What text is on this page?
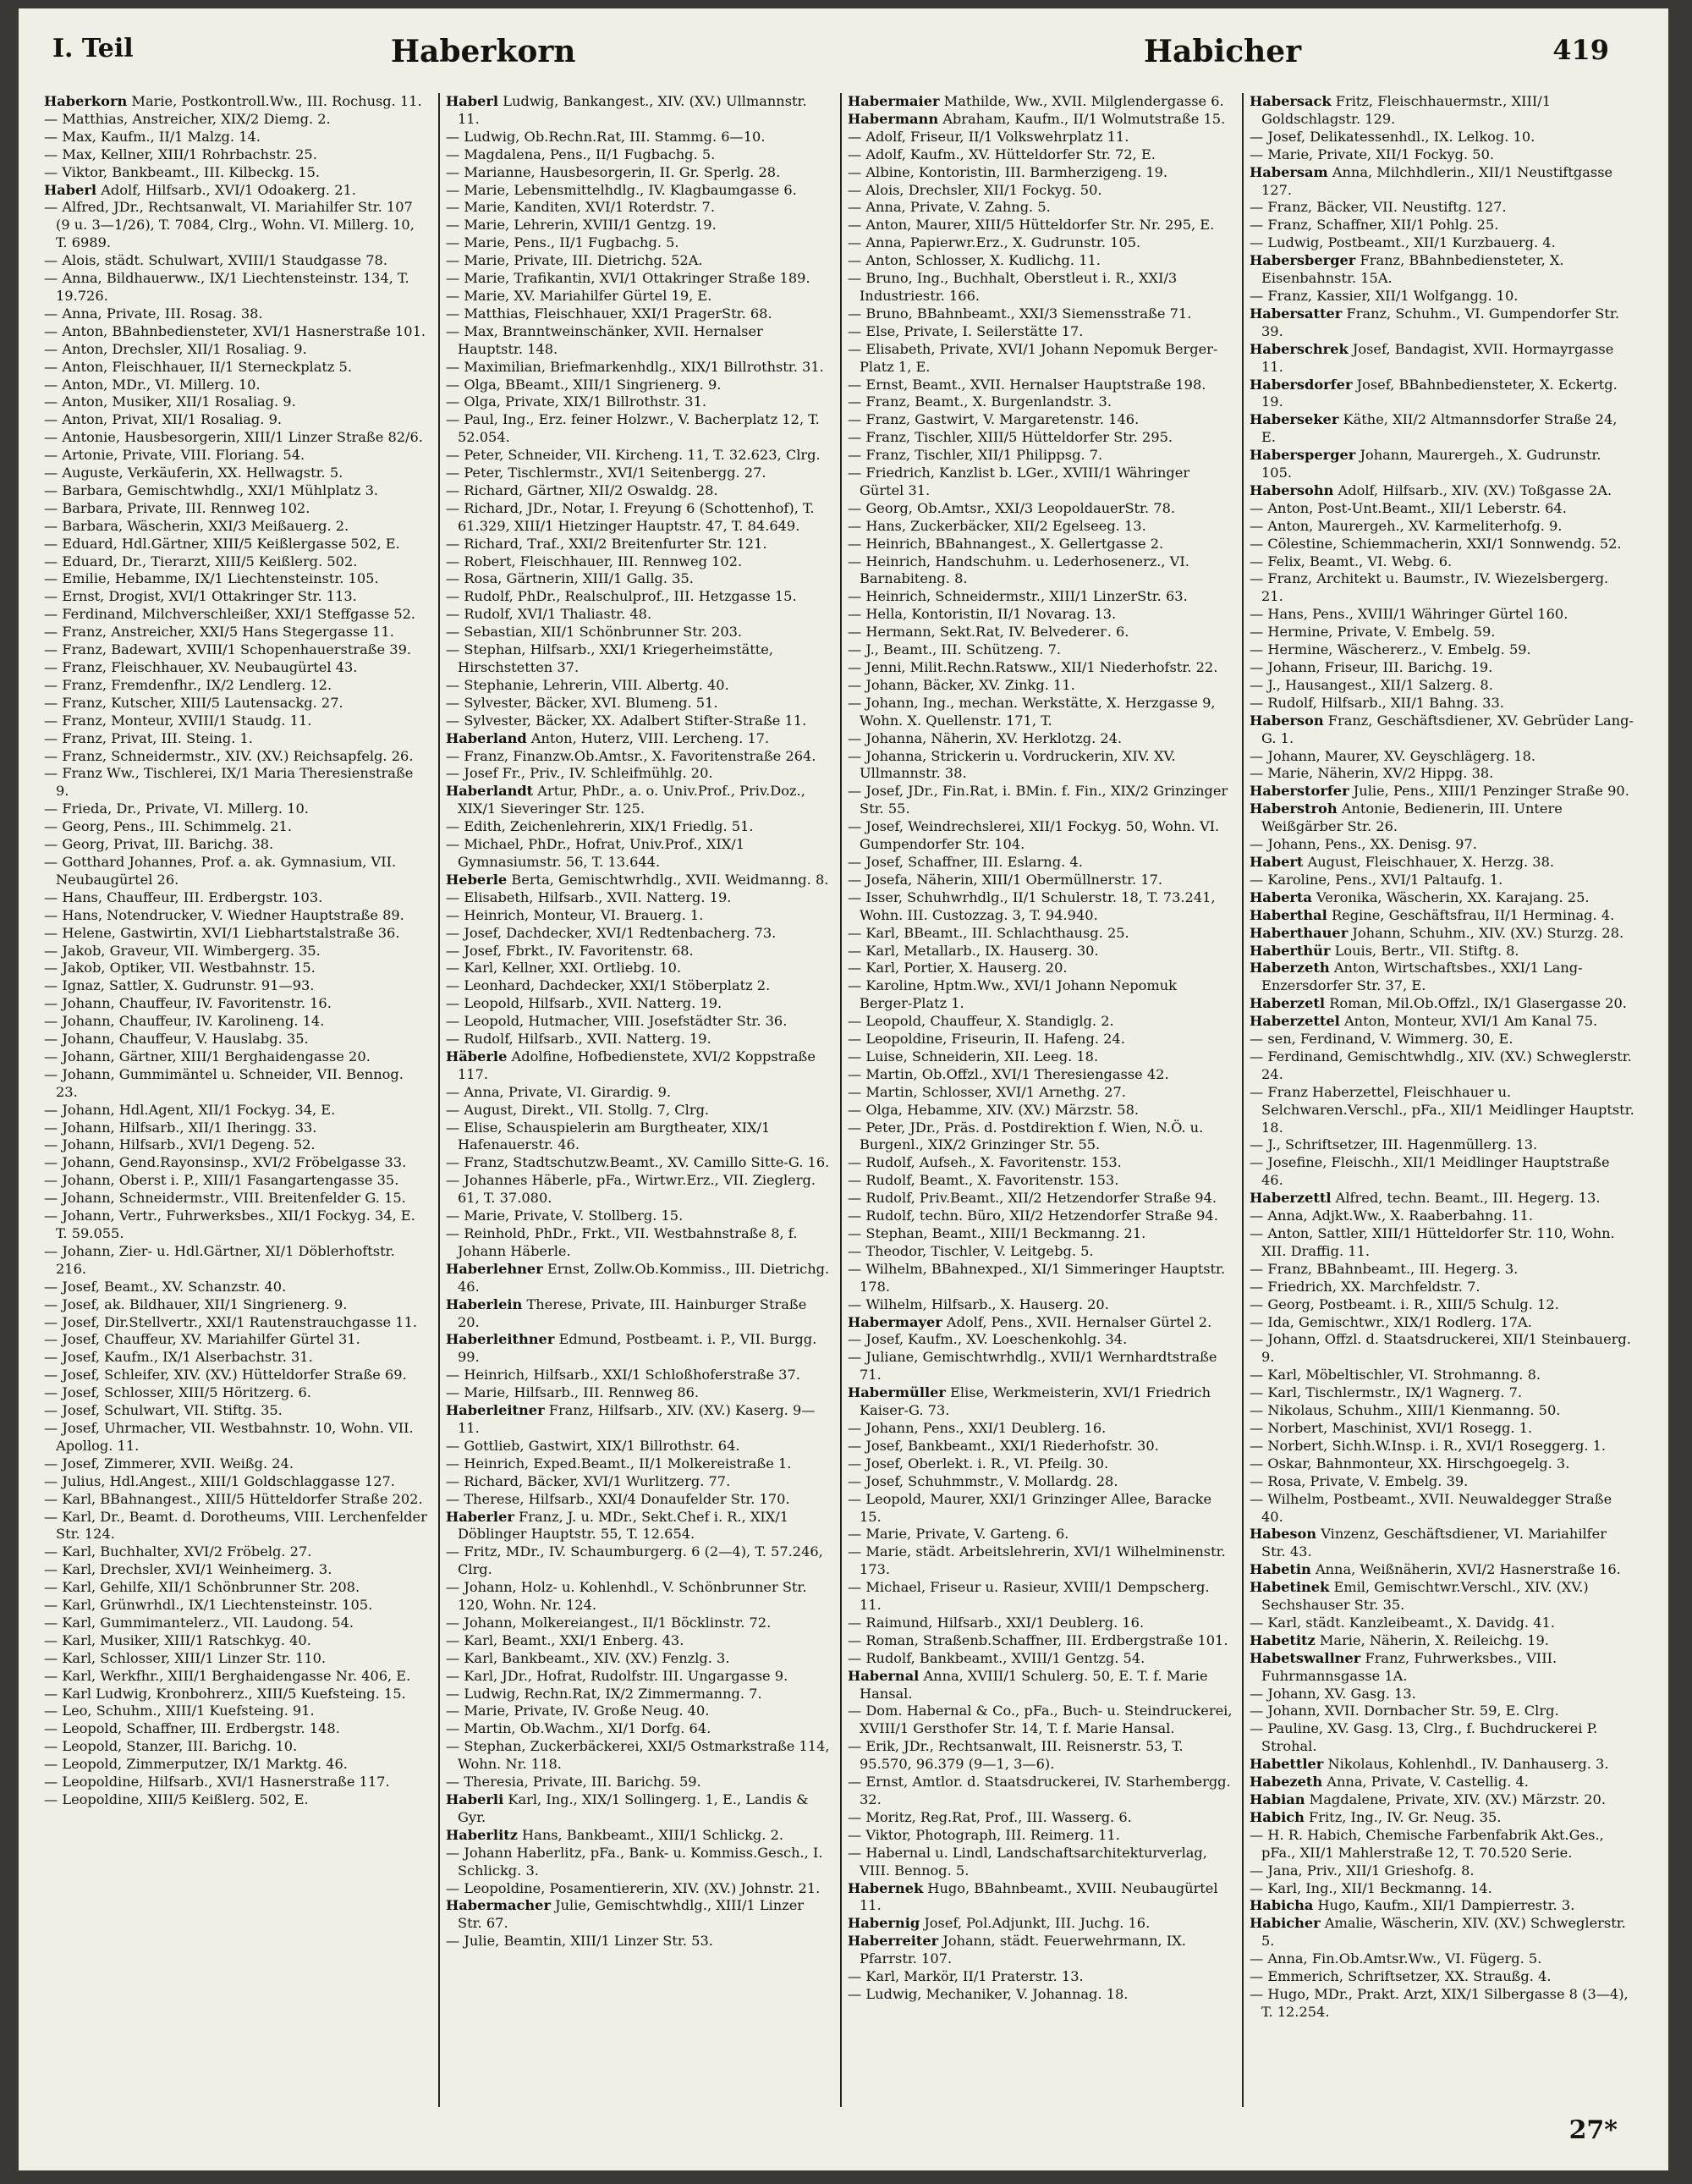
I. Teil	Haberkorn	Habicher	419

Haberkorn Marie, Postkontroll.Ww., III. Rochusg. 11.

— Matthias, Anstreicher, XIX/2 Diemg. 2.

— Max, Kaufm., II/1 Malzg. 14.

— Max, Kellner, XIII/1 Rohrbachstr. 25.

— Viktor, Bankbeamt., III. Kilbeckg. 15.

Haberl Adolf, Hilfsarb., XVI/1 Odoakerg. 21.

— Alfred, JDr., Rechtsanwalt, VI. Mariahilfer Str. 107 (9 u. 3—1/26), T. 7084, Clrg., Wohn. VI. Millerg. 10, T. 6989.

— Alois, städt. Schulwart, XVIII/1 Staudgasse 78.

— Anna, Bildhauerww., IX/1 Liechtensteinstr. 134, T. 19.726.

— Anna, Private, III. Rosag. 38.

— Anton, BBahnbediensteter, XVI/1 Hasnerstraße 101.

— Anton, Drechsler, XII/1 Rosaliag. 9.

— Anton, Fleischhauer, II/1 Sterneckplatz 5.

— Anton, MDr., VI. Millerg. 10.

— Anton, Musiker, XII/1 Rosaliag. 9.

— Anton, Privat, XII/1 Rosaliag. 9.

— Antonie, Hausbesorgerin, XIII/1 Linzer Straße 82/6.

— Artonie, Private, VIII. Floriang. 54.

— Auguste, Verkäuferin, XX. Hellwagstr. 5.

— Barbara, Gemischtwhdlg., XXI/1 Mühlplatz 3.

— Barbara, Private, III. Rennweg 102.

— Barbara, Wäscherin, XXI/3 Meißauerg. 2.

— Eduard, Hdl.Gärtner, XIII/5 Keißlergasse 502, E.

— Eduard, Dr., Tierarzt, XIII/5 Keißlerg. 502.

— Emilie, Hebamme, IX/1 Liechtensteinstr. 105.

— Ernst, Drogist, XVI/1 Ottakringer Str. 113.

— Ferdinand, Milchverschleißer, XXI/1 Steffgasse 52.

— Franz, Anstreicher, XXI/5 Hans Stegergasse 11.

— Franz, Badewart, XVIII/1 Schopenhauerstraße 39.

— Franz, Fleischhauer, XV. Neubaugürtel 43.

— Franz, Fremdenfhr., IX/2 Lendlerg. 12.

— Franz, Kutscher, XIII/5 Lautensackg. 27.

— Franz, Monteur, XVIII/1 Staudg. 11.

— Franz, Privat, III. Steing. 1.

— Franz, Schneidermstr., XIV. (XV.) Reichsapfelg. 26.

— Franz Ww., Tischlerei, IX/1 Maria Theresienstraße 9.

— Frieda, Dr., Private, VI. Millerg. 10.

— Georg, Pens., III. Schimmelg. 21.

— Georg, Privat, III. Barichg. 38.

— Gotthard Johannes, Prof. a. ak. Gymnasium, VII. Neubaugürtel 26.

— Hans, Chauffeur, III. Erdbergstr. 103.

— Hans, Notendrucker, V. Wiedner Hauptstraße 89.

— Helene, Gastwirtin, XVI/1 Liebhartstalstraße 36.

— Jakob, Graveur, VII. Wimbergerg. 35.

— Jakob, Optiker, VII. Westbahnstr. 15.

— Ignaz, Sattler, X. Gudrunstr. 91—93.

— Johann, Chauffeur, IV. Favoritenstr. 16.

— Johann, Chauffeur, IV. Karolineng. 14.

— Johann, Chauffeur, V. Hauslabg. 35.

— Johann, Gärtner, XIII/1 Berghaidengasse 20.

— Johann, Gummimäntel u. Schneider, VII. Bennog. 23.

— Johann, Hdl.Agent, XII/1 Fockyg. 34, E.

— Johann, Hilfsarb., XII/1 Iheringg. 33.

— Johann, Hilfsarb., XVI/1 Degeng. 52.

— Johann, Gend.Rayonsinsp., XVI/2 Fröbelgasse 33.

— Johann, Oberst i. P., XIII/1 Fasangartengasse 35.

— Johann, Schneidermstr., VIII. Breitenfelder G. 15.

— Johann, Vertr., Fuhrwerksbes., XII/1 Fockyg. 34, E. T. 59.055.

— Johann, Zier- u. Hdl.Gärtner, XI/1 Döblerhoftstr. 216.

— Josef, Beamt., XV. Schanzstr. 40.

— Josef, ak. Bildhauer, XII/1 Singrienerg. 9.

— Josef, Dir.Stellvertr., XXI/1 Rautenstrauchgasse 11.

— Josef, Chauffeur, XV. Mariahilfer Gürtel 31.

— Josef, Kaufm., IX/1 Alserbachstr. 31.

— Josef, Schleifer, XIV. (XV.) Hütteldorfer Straße 69.

— Josef, Schlosser, XIII/5 Höritzerg. 6.

— Josef, Schulwart, VII. Stiftg. 35.

— Josef, Uhrmacher, VII. Westbahnstr. 10, Wohn. VII. Apollog. 11.

— Josef, Zimmerer, XVII. Weißg. 24.

— Julius, Hdl.Angest., XIII/1 Goldschlaggasse 127.

— Karl, BBahnangest., XIII/5 Hütteldorfer Straße 202.

— Karl, Dr., Beamt. d. Dorotheums, VIII. Lerchenfelder Str. 124.

— Karl, Buchhalter, XVI/2 Fröbelg. 27.

— Karl, Drechsler, XVI/1 Weinheimerg. 3.

— Karl, Gehilfe, XII/1 Schönbrunner Str. 208.

— Karl, Grünwrhdl., IX/1 Liechtensteinstr. 105.

— Karl, Gummimantelerz., VII. Laudong. 54.

— Karl, Musiker, XIII/1 Ratschkyg. 40.

— Karl, Schlosser, XIII/1 Linzer Str. 110.

— Karl, Werkfhr., XIII/1 Berghaidengasse Nr. 406, E.

— Karl Ludwig, Kronbohrerz., XIII/5 Kuefsteing. 15.

— Leo, Schuhm., XIII/1 Kuefsteing. 91.

— Leopold, Schaffner, III. Erdbergstr. 148.

— Leopold, Stanzer, III. Barichg. 10.

— Leopold, Zimmerputzer, IX/1 Marktg. 46.

— Leopoldine, Hilfsarb., XVI/1 Hasnerstraße 117.

— Leopoldine, XIII/5 Keißlerg. 502, E.

Haberl Ludwig, Bankangest., XIV. (XV.) Ullmannstr. 11.

— Ludwig, Ob.Rechn.Rat, III. Stammg. 6—10.

— Magdalena, Pens., II/1 Fugbachg. 5.

— Marianne, Hausbesorgerin, II. Gr. Sperlg. 28.

— Marie, Lebensmittelhdlg., IV. Klagbaumgasse 6.

— Marie, Kanditen, XVI/1 Roterdstr. 7.

— Marie, Lehrerin, XVIII/1 Gentzg. 19.

— Marie, Pens., II/1 Fugbachg. 5.

— Marie, Private, III. Dietrichg. 52A.

— Marie, Trafikantin, XVI/1 Ottakringer Straße 189.

— Marie, XV. Mariahilfer Gürtel 19, E.

— Matthias, Fleischhauer, XXI/1 PragerStr. 68.

— Max, Branntweinschänker, XVII. Hernalser Hauptstr. 148.

— Maximilian, Briefmarkenhdlg., XIX/1 Billrothstr. 31.

— Olga, BBeamt., XIII/1 Singrienerg. 9.

— Olga, Private, XIX/1 Billrothstr. 31.

— Paul, Ing., Erz. feiner Holzwr., V. Bacherplatz 12, T. 52.054.

— Peter, Schneider, VII. Kircheng. 11, T. 32.623, Clrg.

— Peter, Tischlermstr., XVI/1 Seitenbergg. 27.

— Richard, Gärtner, XII/2 Oswaldg. 28.

— Richard, JDr., Notar, I. Freyung 6 (Schottenhof), T. 61.329, XIII/1 Hietzinger Hauptstr. 47, T. 84.649.

— Richard, Traf., XXI/2 Breitenfurter Str. 121.

— Robert, Fleischhauer, III. Rennweg 102.

— Rosa, Gärtnerin, XIII/1 Gallg. 35.

— Rudolf, PhDr., Realschulprof., III. Hetzgasse 15.

— Rudolf, XVI/1 Thaliastr. 48.

— Sebastian, XII/1 Schönbrunner Str. 203.

— Stephan, Hilfsarb., XXI/1 Kriegerheimstätte, Hirschstetten 37.

— Stephanie, Lehrerin, VIII. Albertg. 40.

— Sylvester, Bäcker, XVI. Blumeng. 51.

— Sylvester, Bäcker, XX. Adalbert Stifter-Straße 11.

Haberland Anton, Huterz, VIII. Lercheng. 17.

— Franz, Finanzw.Ob.Amtsr., X. Favoritenstraße 264.

— Josef Fr., Priv., IV. Schleifmühlg. 20.

Haberlandt Artur, PhDr., a. o. Univ.Prof., Priv.Doz., XIX/1 Sieveringer Str. 125.

— Edith, Zeichenlehrerin, XIX/1 Friedlg. 51.

— Michael, PhDr., Hofrat, Univ.Prof., XIX/1 Gymnasiumstr. 56, T. 13.644.

Heberle Berta, Gemischtwrhdlg., XVII. Weidmanng. 8.

— Elisabeth, Hilfsarb., XVII. Natterg. 19.

— Heinrich, Monteur, VI. Brauerg. 1.

— Josef, Dachdecker, XVI/1 Redtenbacherg. 73.

— Josef, Fbrkt., IV. Favoritenstr. 68.

— Karl, Kellner, XXI. Ortliebg. 10.

— Leonhard, Dachdecker, XXI/1 Stöberplatz 2.

— Leopold, Hilfsarb., XVII. Natterg. 19.

— Leopold, Hutmacher, VIII. Josefstädter Str. 36.

— Rudolf, Hilfsarb., XVII. Natterg. 19.

Häberle Adolfine, Hofbedienstete, XVI/2 Koppstraße 117.

— Anna, Private, VI. Girardig. 9.

— August, Direkt., VII. Stollg. 7, Clrg.

— Elise, Schauspielerin am Burgtheater, XIX/1 Hafenauerstr. 46.

— Franz, Stadtschutzw.Beamt., XV. Camillo Sitte-G. 16.

— Johannes Häberle, pFa., Wirtwr.Erz., VII. Zieglerg. 61, T. 37.080.

— Marie, Private, V. Stollberg. 15.

— Reinhold, PhDr., Frkt., VII. Westbahnstraße 8, f. Johann Häberle.

Haberlehner Ernst, Zollw.Ob.Kommiss., III. Dietrichg. 46.

Haberlein Therese, Private, III. Hainburger Straße 20.

Haberleithner Edmund, Postbeamt. i. P., VII. Burgg. 99.

— Heinrich, Hilfsarb., XXI/1 Schloßhoferstraße 37.

— Marie, Hilfsarb., III. Rennweg 86.

Haberleitner Franz, Hilfsarb., XIV. (XV.) Kaserg. 9—11.

— Gottlieb, Gastwirt, XIX/1 Billrothstr. 64.

— Heinrich, Exped.Beamt., II/1 Molkereistraße 1.

— Richard, Bäcker, XVI/1 Wurlitzerg. 77.

— Therese, Hilfsarb., XXI/4 Donaufelder Str. 170.

Haberler Franz, J. u. MDr., Sekt.Chef i. R., XIX/1 Döblinger Hauptstr. 55, T. 12.654.

— Fritz, MDr., IV. Schaumburgerg. 6 (2—4), T. 57.246, Clrg.

— Johann, Holz- u. Kohlenhdl., V. Schönbrunner Str. 120, Wohn. Nr. 124.

— Johann, Molkereiangest., II/1 Böcklinstr. 72.

— Karl, Beamt., XXI/1 Enberg. 43.

— Karl, Bankbeamt., XIV. (XV.) Fenzlg. 3.

— Karl, JDr., Hofrat, Rudolfstr. III. Ungargasse 9.

— Ludwig, Rechn.Rat, IX/2 Zimmermanng. 7.

— Marie, Private, IV. Große Neug. 40.

— Martin, Ob.Wachm., XI/1 Dorfg. 64.

— Stephan, Zuckerbäckerei, XXI/5 Ostmarkstraße 114, Wohn. Nr. 118.

— Theresia, Private, III. Barichg. 59.

Haberli Karl, Ing., XIX/1 Sollingerg. 1, E., Landis & Gyr.

Haberlitz Hans, Bankbeamt., XIII/1 Schlickg. 2.

— Johann Haberlitz, pFa., Bank- u. Kommiss.Gesch., I. Schlickg. 3.

— Leopoldine, Posamentiererin, XIV. (XV.) Johnstr. 21.

Habermacher Julie, Gemischtwhdlg., XIII/1 Linzer Str. 67.

— Julie, Beamtin, XIII/1 Linzer Str. 53.

Habermaier Mathilde, Ww., XVII. Milglendergasse 6.

Habermann Abraham, Kaufm., II/1 Wolmutstraße 15.

— Adolf, Friseur, II/1 Volkswehrplatz 11.

— Adolf, Kaufm., XV. Hütteldorfer Str. 72, E.

— Albine, Kontoristin, III. Barmherzigeng. 19.

— Alois, Drechsler, XII/1 Fockyg. 50.

— Anna, Private, V. Zahng. 5.

— Anton, Maurer, XIII/5 Hütteldorfer Str. Nr. 295, E.

— Anna, Papierwr.Erz., X. Gudrunstr. 105.

— Anton, Schlosser, X. Kudlichg. 11.

— Bruno, Ing., Buchhalt, Oberstleut i. R., XXI/3 Industriestr. 166.

— Bruno, BBahnbeamt., XXI/3 Siemensstraße 71.

— Else, Private, I. Seilerstätte 17.

— Elisabeth, Private, XVI/1 Johann Nepomuk Berger-Platz 1, E.

— Ernst, Beamt., XVII. Hernalser Hauptstraße 198.

— Franz, Beamt., X. Burgenlandstr. 3.

— Franz, Gastwirt, V. Margaretenstr. 146.

— Franz, Tischler, XIII/5 Hütteldorfer Str. 295.

— Franz, Tischler, XII/1 Philippsg. 7.

— Friedrich, Kanzlist b. LGer., XVIII/1 Währinger Gürtel 31.

— Georg, Ob.Amtsr., XXI/3 LeopoldauerStr. 78.

— Hans, Zuckerbäcker, XII/2 Egelseeg. 13.

— Heinrich, BBahnangest., X. Gellertgasse 2.

— Heinrich, Handschuhm. u. Lederhosenerz., VI. Barnabiteng. 8.

— Heinrich, Schneidermstr., XIII/1 LinzerStr. 63.

— Hella, Kontoristin, II/1 Novarag. 13.

— Hermann, Sekt.Rat, IV. Belvederег. 6.

— J., Beamt., III. Schützeng. 7.

— Jenni, Milit.Rechn.Ratsww., XII/1 Niederhofstr. 22.

— Johann, Bäcker, XV. Zinkg. 11.

— Johann, Ing., mechan. Werkstätte, X. Herzgasse 9, Wohn. X. Quellenstr. 171, T.

— Johanna, Näherin, XV. Herklotzg. 24.

— Johanna, Strickerin u. Vordruckerin, XIV. XV. Ullmannstr. 38.

— Josef, JDr., Fin.Rat, i. BMin. f. Fin., XIX/2 Grinzinger Str. 55.

— Josef, Weindrechslerei, XII/1 Fockyg. 50, Wohn. VI. Gumpendorfer Str. 104.

— Josef, Schaffner, III. Eslarng. 4.

— Josefa, Näherin, XIII/1 Obermüllnerstr. 17.

— Isser, Schuhwrhdlg., II/1 Schulerstr. 18, T. 73.241, Wohn. III. Custozzag. 3, T. 94.940.

— Karl, BBeamt., III. Schlachthausg. 25.

— Karl, Metallarb., IX. Hauserg. 30.

— Karl, Portier, X. Hauserg. 20.

— Karoline, Hptm.Ww., XVI/1 Johann Nepomuk Berger-Platz 1.

— Leopold, Chauffeur, X. Standiglg. 2.

— Leopoldine, Friseurin, II. Hafeng. 24.

— Luise, Schneiderin, XII. Leeg. 18.

— Martin, Ob.Offzl., XVI/1 Theresiengasse 42.

— Martin, Schlosser, XVI/1 Arnethg. 27.

— Olga, Hebamme, XIV. (XV.) Märzstr. 58.

— Peter, JDr., Präs. d. Postdirektion f. Wien, N.Ö. u. Burgenl., XIX/2 Grinzinger Str. 55.

— Rudolf, Aufseh., X. Favoritenstr. 153.

— Rudolf, Beamt., X. Favoritenstr. 153.

— Rudolf, Priv.Beamt., XII/2 Hetzendorfer Straße 94.

— Rudolf, techn. Büro, XII/2 Hetzendorfer Straße 94.

— Stephan, Beamt., XIII/1 Beckmanng. 21.

— Theodor, Tischler, V. Leitgebg. 5.

— Wilhelm, BBahnexped., XI/1 Simmeringer Hauptstr. 178.

— Wilhelm, Hilfsarb., X. Hauserg. 20.

Habermayer Adolf, Pens., XVII. Hernalser Gürtel 2.

— Josef, Kaufm., XV. Loeschenkohlg. 34.

— Juliane, Gemischtwrhdlg., XVII/1 Wernhardtstraße 71.

Habermüller Elise, Werkmeisterin, XVI/1 Friedrich Kaiser-G. 73.

— Johann, Pens., XXI/1 Deublerg. 16.

— Josef, Bankbeamt., XXI/1 Riederhofstr. 30.

— Josef, Oberlekt. i. R., VI. Pfeilg. 30.

— Josef, Schuhmmstr., V. Mollardg. 28.

— Leopold, Maurer, XXI/1 Grinzinger Allee, Baracke 15.

— Marie, Private, V. Garteng. 6.

— Marie, städt. Arbeitslehrerin, XVI/1 Wilhelminenstr. 173.

— Michael, Friseur u. Rasieur, XVIII/1 Dempscherg. 11.

— Raimund, Hilfsarb., XXI/1 Deublerg. 16.

— Roman, Straßenb.Schaffner, III. Erdbergstraße 101.

— Rudolf, Bankbeamt., XVIII/1 Gentzg. 54.

Habernal Anna, XVIII/1 Schulerg. 50, E. T. f. Marie Hansal.

— Dom. Habernal & Co., pFa., Buch- u. Steindruckerei, XVIII/1 Gersthofer Str. 14, T. f. Marie Hansal.

— Erik, JDr., Rechtsanwalt, III. Reisnerstr. 53, T. 95.570, 96.379 (9—1, 3—6).

— Ernst, Amtlor. d. Staatsdruckerei, IV. Starhembergg. 32.

— Moritz, Reg.Rat, Prof., III. Wasserg. 6.

— Viktor, Photograph, III. Reimerg. 11.

— Habernal u. Lindl, Landschaftsarchitekturverlag, VIII. Bennog. 5.

Habernek Hugo, BBahnbeamt., XVIII. Neubaugürtel 11.

Habernig Josef, Pol.Adjunkt, III. Juchg. 16.

Haberreiter Johann, städt. Feuerwehrmann, IX. Pfarrstr. 107.

— Karl, Markör, II/1 Praterstr. 13.

— Ludwig, Mechaniker, V. Johannag. 18.

Habersack Fritz, Fleischhauermstr., XIII/1 Goldschlagstr. 129.

— Josef, Delikatessenhdl., IX. Lelkog. 10.

— Marie, Private, XII/1 Fockyg. 50.

Habersam Anna, Milchhdlerin., XII/1 Neustiftgasse 127.

— Franz, Bäcker, VII. Neustiftg. 127.

— Franz, Schaffner, XII/1 Pohlg. 25.

— Ludwig, Postbeamt., XII/1 Kurzbauerg. 4.

Habersberger Franz, BBahnbediensteter, X. Eisenbahnstr. 15A.

— Franz, Kassier, XII/1 Wolfgangg. 10.

Habersatter Franz, Schuhm., VI. Gumpendorfer Str. 39.

Haberschrek Josef, Bandagist, XVII. Hormayrgasse 11.

Habersdorfer Josef, BBahnbediensteter, X. Eckertg. 19.

Haberseker Käthe, XII/2 Altmannsdorfer Straße 24, E.

Habersperger Johann, Maurergeh., X. Gudrunstr. 105.

Habersohn Adolf, Hilfsarb., XIV. (XV.) Toßgasse 2A.

— Anton, Post-Unt.Beamt., XII/1 Leberstr. 64.

— Anton, Maurergeh., XV. Karmeliterhofg. 9.

— Cölestine, Schiemmacherin, XXI/1 Sonnwendg. 52.

— Felix, Beamt., VI. Webg. 6.

— Franz, Architekt u. Baumstr., IV. Wiezelsbergerg. 21.

— Hans, Pens., XVIII/1 Währinger Gürtel 160.

— Hermine, Private, V. Embelg. 59.

— Hermine, Wäschererz., V. Embelg. 59.

— Johann, Friseur, III. Barichg. 19.

— J., Hausangest., XII/1 Salzerg. 8.

— Rudolf, Hilfsarb., XII/1 Bahng. 33.

Haberson Franz, Geschäftsdiener, XV. Gebrüder Lang-G. 1.

— Johann, Maurer, XV. Geyschlägerg. 18.

— Marie, Näherin, XV/2 Hippg. 38.

Haberstorfer Julie, Pens., XIII/1 Penzinger Straße 90.

Haberstroh Antonie, Bedienerin, III. Untere Weißgärber Str. 26.

— Johann, Pens., XX. Denisg. 97.

Habert August, Fleischhauer, X. Herzg. 38.

— Karoline, Pens., XVI/1 Paltaufg. 1.

Haberta Veronika, Wäscherin, XX. Karajang. 25.

Haberthal Regine, Geschäftsfrau, II/1 Herminag. 4.

Haberthauer Johann, Schuhm., XIV. (XV.) Sturzg. 28.

Haberthür Louis, Bertr., VII. Stiftg. 8.

Haberzeth Anton, Wirtschaftsbes., XXI/1 Lang-Enzersdorfer Str. 37, E.

Haberzetl Roman, Mil.Ob.Offzl., IX/1 Glasergasse 20.

Haberzettel Anton, Monteur, XVI/1 Am Kanal 75.

— sen, Ferdinand, V. Wimmerg. 30, E.

— Ferdinand, Gemischtwhdlg., XIV. (XV.) Schweglerstr. 24.

— Franz Haberzettel, Fleischhauer u. Selchwaren.Verschl., pFa., XII/1 Meidlinger Hauptstr. 18.

— J., Schriftsetzer, III. Hagenmüllerg. 13.

— Josefine, Fleischh., XII/1 Meidlinger Hauptstraße 46.

Haberzettl Alfred, techn. Beamt., III. Hegerg. 13.

— Anna, Adjkt.Ww., X. Raaberbahng. 11.

— Anton, Sattler, XIII/1 Hütteldorfer Str. 110, Wohn. XII. Draffig. 11.

— Franz, BBahnbeamt., III. Hegerg. 3.

— Friedrich, XX. Marchfeldstr. 7.

— Georg, Postbeamt. i. R., XIII/5 Schulg. 12.

— Ida, Gemischtwr., XIX/1 Rodlerg. 17A.

— Johann, Offzl. d. Staatsdruckerei, XII/1 Steinbauerg. 9.

— Karl, Möbeltischler, VI. Strohmanng. 8.

— Karl, Tischlermstr., IX/1 Wagnerg. 7.

— Nikolaus, Schuhm., XIII/1 Kienmanng. 50.

— Norbert, Maschinist, XVI/1 Rosegg. 1.

— Norbert, Sichh.W.Insp. i. R., XVI/1 Roseggerg. 1.

— Oskar, Bahnmonteur, XX. Hirschgoegelg. 3.

— Rosa, Private, V. Embelg. 39.

— Wilhelm, Postbeamt., XVII. Neuwaldegger Straße 40.

Habeson Vinzenz, Geschäftsdiener, VI. Mariahilfer Str. 43.

Habetin Anna, Weißnäherin, XVI/2 Hasnerstraße 16.

Habetinek Emil, Gemischtwr.Verschl., XIV. (XV.) Sechshauser Str. 35.

— Karl, städt. Kanzleibeamt., X. Davidg. 41.

Habetitz Marie, Näherin, X. Reileichg. 19.

Habetswallner Franz, Fuhrwerksbes., VIII. Fuhrmannsgasse 1A.

— Johann, XV. Gasg. 13.

— Johann, XVII. Dornbacher Str. 59, E. Clrg.

— Pauline, XV. Gasg. 13, Clrg., f. Buchdruckerei P. Strohal.

Habettler Nikolaus, Kohlenhdl., IV. Danhauserg. 3.

Habezeth Anna, Private, V. Castellig. 4.

Habian Magdalene, Private, XIV. (XV.) Märzstr. 20.

Habich Fritz, Ing., IV. Gr. Neug. 35.

— H. R. Habich, Chemische Farbenfabrik Akt.Ges., pFa., XII/1 Mahlerstraße 12, T. 70.520 Serie.

— Jana, Priv., XII/1 Grieshofg. 8.

— Karl, Ing., XII/1 Beckmanng. 14.

Habicha Hugo, Kaufm., XII/1 Dampierrestr. 3.

Habicher Amalie, Wäscherin, XIV. (XV.) Schweglerstr. 5.

— Anna, Fin.Ob.Amtsr.Ww., VI. Fügerg. 5.

— Emmerich, Schriftsetzer, XX. Straußg. 4.

— Hugo, MDr., Prakt. Arzt, XIX/1 Silbergasse 8 (3—4), T. 12.254.

27*
